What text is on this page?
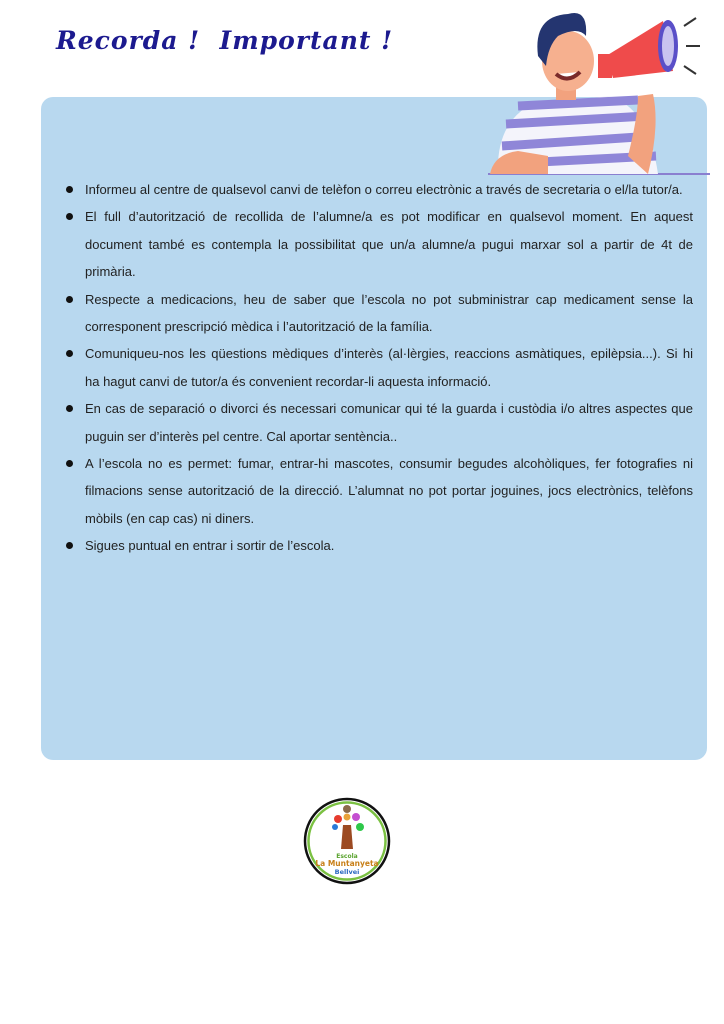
Recorda !  Important !
Informeu al centre de qualsevol canvi de telèfon o correu electrònic a través de secretaria o el/la tutor/a.
El full d’autorització de recollida de l’alumne/a es pot modificar en qualsevol moment. En aquest document també es contempla la possibilitat que un/a alumne/a pugui marxar sol a partir de 4t de primària.
Respecte a medicacions, heu de saber que l’escola no pot subministrar cap medicament sense la corresponent prescripció mèdica i l’autorització de la família.
Comuniqueu-nos les qüestions mèdiques d’interès (al·lèrgies, reaccions asmàtiques, epilèpsia...). Si hi ha hagut canvi de tutor/a és convenient recordar-li aquesta informació.
En cas de separació o divorci és necessari comunicar qui té la guarda i custòdia i/o altres aspectes que puguin ser d’interès pel centre. Cal aportar sentència..
A l’escola no es permet: fumar, entrar-hi mascotes, consumir begudes alcohòliques, fer fotografies ni filmacions sense autorització de la direcció. L’alumnat no pot portar joguines, jocs electrònics, telèfons mòbils (en cap cas) ni diners.
Sigues puntual en entrar i sortir de l’escola.
Escola
La Muntanyeta
Bellvei
